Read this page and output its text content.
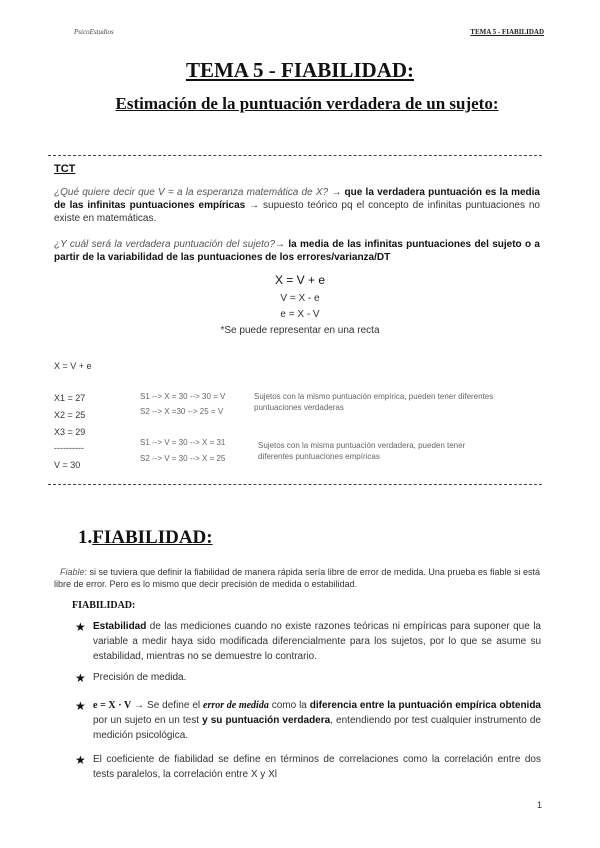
PsicoEstudios	TEMA 5 - FIABILIDAD
TEMA 5 - FIABILIDAD:
Estimación de la puntuación verdadera de un sujeto:
TCT
¿Qué quiere decir que V = a la esperanza matemática de X? → que la verdadera puntuación es la media de las infinitas puntuaciones empíricas → supuesto teórico pq el concepto de infinitas puntuaciones no existe en matemáticas.
¿Y cuál será la verdadera puntuación del sujeto?→ la media de las infinitas puntuaciones del sujeto o a partir de la variabilidad de las puntuaciones de los errores/varianza/DT
X = V + e
V = X - e
e = X - V
*Se puede representar en una recta
X = V + e
X1 = 27
X2 = 25
X3 = 29
----------
V = 30
S1 --> X = 30 --> 30 = V
S2 --> X =30 --> 25 = V
Sujetos con la mismo puntuación empírica, pueden tener diferentes puntuaciones verdaderas
S1 --> V = 30 --> X = 31
S2 --> V = 30 --> X = 25
Sujetos con la misma puntuación verdadera, pueden tener diferentes puntuaciones empíricas
1.FIABILIDAD:
Fiable: si se tuviera que definir la fiabilidad de manera rápida sería libre de error de medida. Una prueba es fiable si está libre de error. Pero es lo mismo que decir precisión de medida o estabilidad.
FIABILIDAD:
★ Estabilidad de las mediciones cuando no existe razones teóricas ni empíricas para suponer que la variable a medir haya sido modificada diferencialmente para los sujetos, por lo que se asume su estabilidad, mientras no se demuestre lo contrario.
★ Precisión de medida.
★ e = X · V → Se define el error de medida como la diferencia entre la puntuación empírica obtenida por un sujeto en un test y su puntuación verdadera, entendiendo por test cualquier instrumento de medición psicológica.
★ El coeficiente de fiabilidad se define en términos de correlaciones como la correlación entre dos tests paralelos, la correlación entre X y Xl
1
